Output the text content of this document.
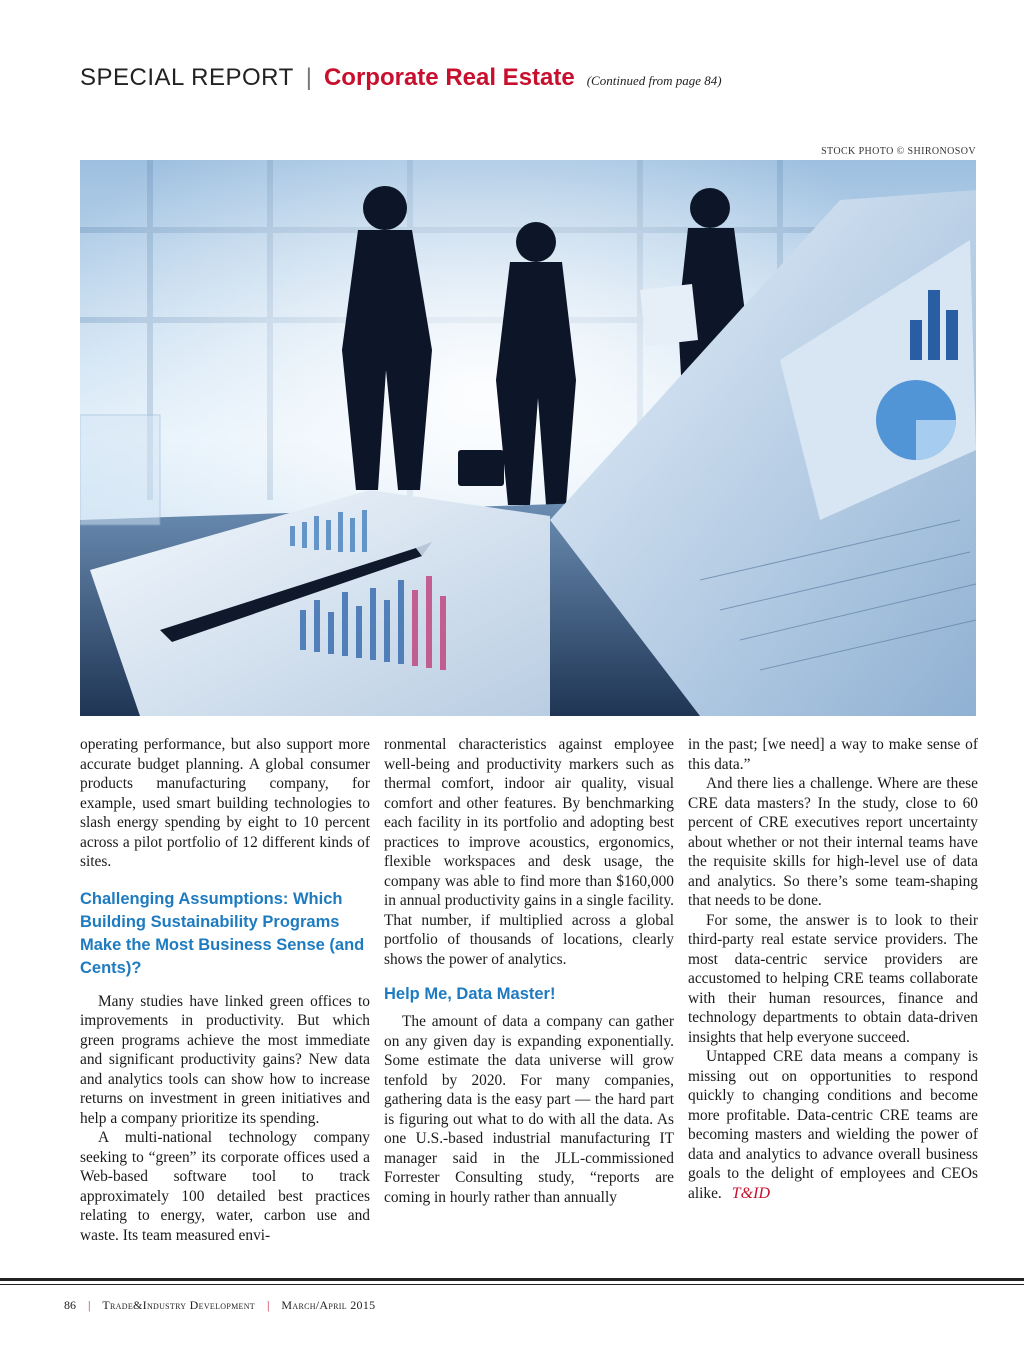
SPECIAL REPORT | Corporate Real Estate (Continued from page 84)
STOCK PHOTO © SHIRONOSOV

operating performance, but also support more accurate budget planning. A global consumer products manufacturing company, for example, used smart building technologies to slash energy spending by eight to 10 percent across a pilot portfolio of 12 different kinds of sites.

Challenging Assumptions: Which Building Sustainability Programs Make the Most Business Sense (and Cents)?

Many studies have linked green offices to improvements in productivity. But which green programs achieve the most immediate and significant productivity gains? New data and analytics tools can show how to increase returns on investment in green initiatives and help a company prioritize its spending.

A multi-national technology company seeking to “green” its corporate offices used a Web-based software tool to track approximately 100 detailed best practices relating to energy, water, carbon use and waste. Its team measured envi-

ronmental characteristics against employee well-being and productivity markers such as thermal comfort, indoor air quality, visual comfort and other features. By benchmarking each facility in its portfolio and adopting best practices to improve acoustics, ergonomics, flexible workspaces and desk usage, the company was able to find more than $160,000 in annual productivity gains in a single facility. That number, if multiplied across a global portfolio of thousands of locations, clearly shows the power of analytics.

Help Me, Data Master!

The amount of data a company can gather on any given day is expanding exponentially. Some estimate the data universe will grow tenfold by 2020. For many companies, gathering data is the easy part — the hard part is figuring out what to do with all the data. As one U.S.-based industrial manufacturing IT manager said in the JLL-commissioned Forrester Consulting study, “reports are coming in hourly rather than annually

in the past; [we need] a way to make sense of this data.”

And there lies a challenge. Where are these CRE data masters? In the study, close to 60 percent of CRE executives report uncertainty about whether or not their internal teams have the requisite skills for high-level use of data and analytics. So there’s some team-shaping that needs to be done.

For some, the answer is to look to their third-party real estate service providers. The most data-centric service providers are accustomed to helping CRE teams collaborate with their human resources, finance and technology departments to obtain data-driven insights that help everyone succeed.

Untapped CRE data means a company is missing out on opportunities to respond quickly to changing conditions and become more profitable. Data-centric CRE teams are becoming masters and wielding the power of data and analytics to advance overall business goals to the delight of employees and CEOs alike. T&ID

86 | Trade&Industry Development | March/April 2015
